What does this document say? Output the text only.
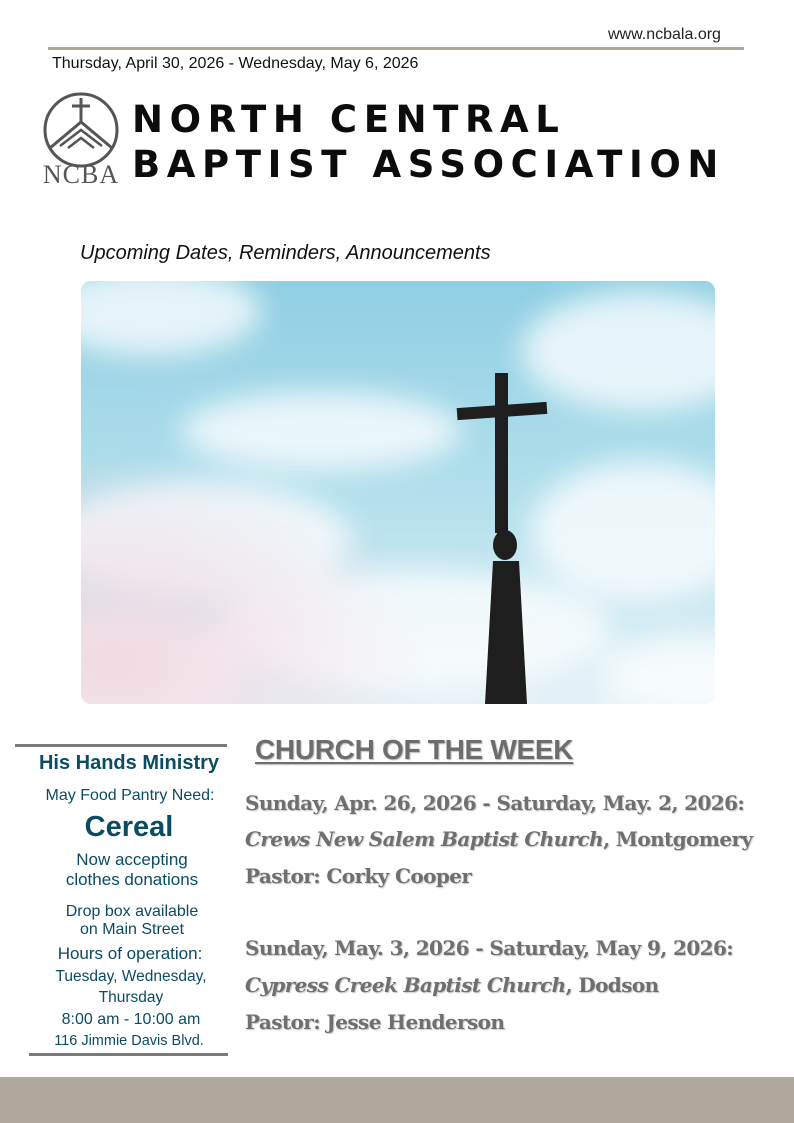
www.ncbala.org
Thursday, April 30, 2026 - Wednesday, May 6, 2026
NCBA
NORTH CENTRAL
BAPTIST ASSOCIATION
Upcoming Dates, Reminders, Announcements
His Hands Ministry
May Food Pantry Need:
Cereal
Now accepting
clothes donations
Drop box available
on Main Street
Hours of operation:
Tuesday, Wednesday,
Thursday
8:00 am - 10:00 am
116 Jimmie Davis Blvd.
CHURCH OF THE WEEK
Sunday, Apr. 26, 2026 - Saturday, May. 2, 2026:
Crews New Salem Baptist Church, Montgomery
Pastor: Corky Cooper
Sunday, May. 3, 2026 - Saturday, May 9, 2026:
Cypress Creek Baptist Church, Dodson
Pastor: Jesse Henderson
